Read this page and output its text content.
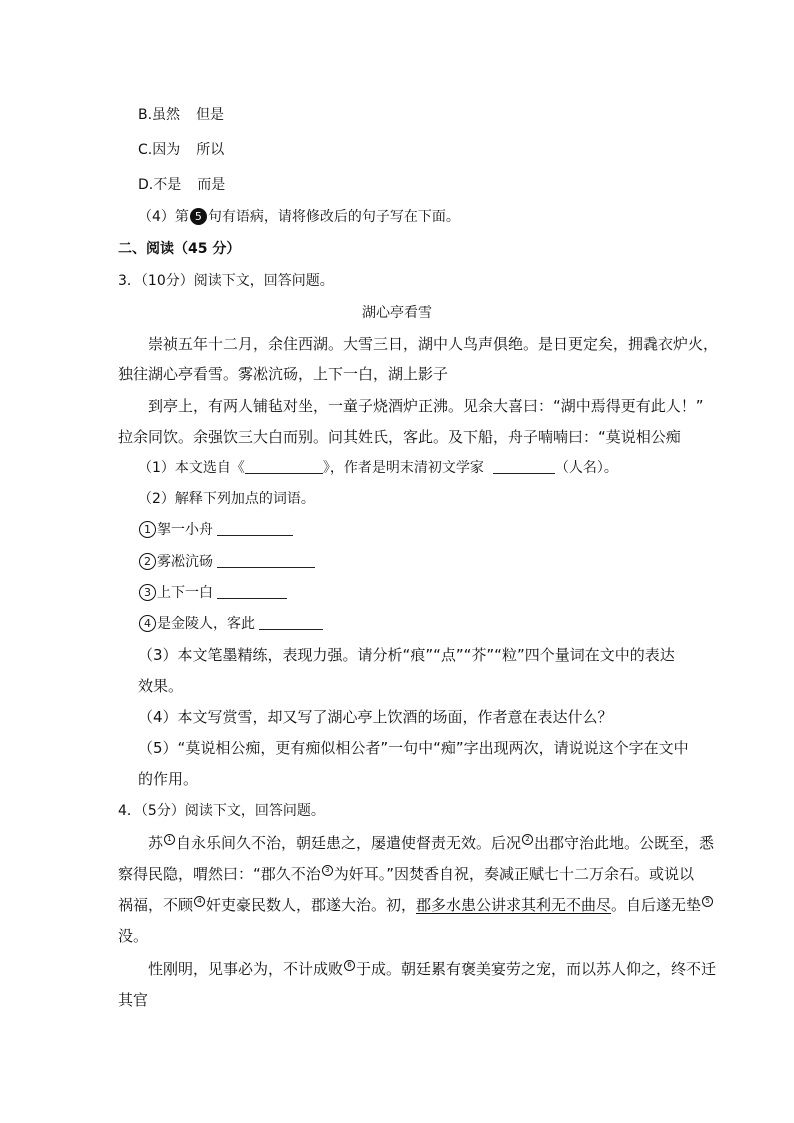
B.虽然 但是
C.因为 所以
D.不是 而是
（4）第 5 句有语病，请将修改后的句子写在下面。
二、阅读（45 分）
3．（10分）阅读下文，回答问题。
湖心亭看雪
崇祯五年十二月，余住西湖。大雪三日，湖中人鸟声俱绝。是日更定矣，拥毳衣炉火，
独往湖心亭看雪。雾凇沆砀，上下一白，湖上影子
到亭上，有两人铺毡对坐，一童子烧酒炉正沸。见余大喜曰：“湖中焉得更有此人！”
拉余同饮。余强饮三大白而别。问其姓氏，客此。及下船，舟子喃喃曰：“莫说相公痴
（1）本文选自《	》，作者是明末清初文学家	（人名）。
（2）解释下列加点的词语。
1 挐一小舟
2 雾凇沆砀
3 上下一白
4 是金陵人，客此
（3）本文笔墨精练，表现力强。请分析“痕”“点”“芥”“粒”四个量词在文中的表达
效果。
（4）本文写赏雪，却又写了湖心亭上饮酒的场面，作者意在表达什么？
（5）“莫说相公痴，更有痴似相公者”一句中“痴”字出现两次，请说说这个字在文中
的作用。
4．（5分）阅读下文，回答问题。
苏 1 自永乐间久不治，朝廷患之，屡遣使督责无效。后况 2 出郡守治此地。公既至，悉
察得民隐，喟然曰：“郡久不治 3 为奸耳。”因焚香自祝，奏减正赋七十二万余石。或说以
祸福，不顾 4 奸吏豪民数人，郡遂大治。初，郡多水患公讲求其利无不曲尽。自后遂无垫 5
没。
性刚明，见事必为，不计成败 6 于成。朝廷累有褒美宴劳之宠，而以苏人仰之，终不迁
其官
